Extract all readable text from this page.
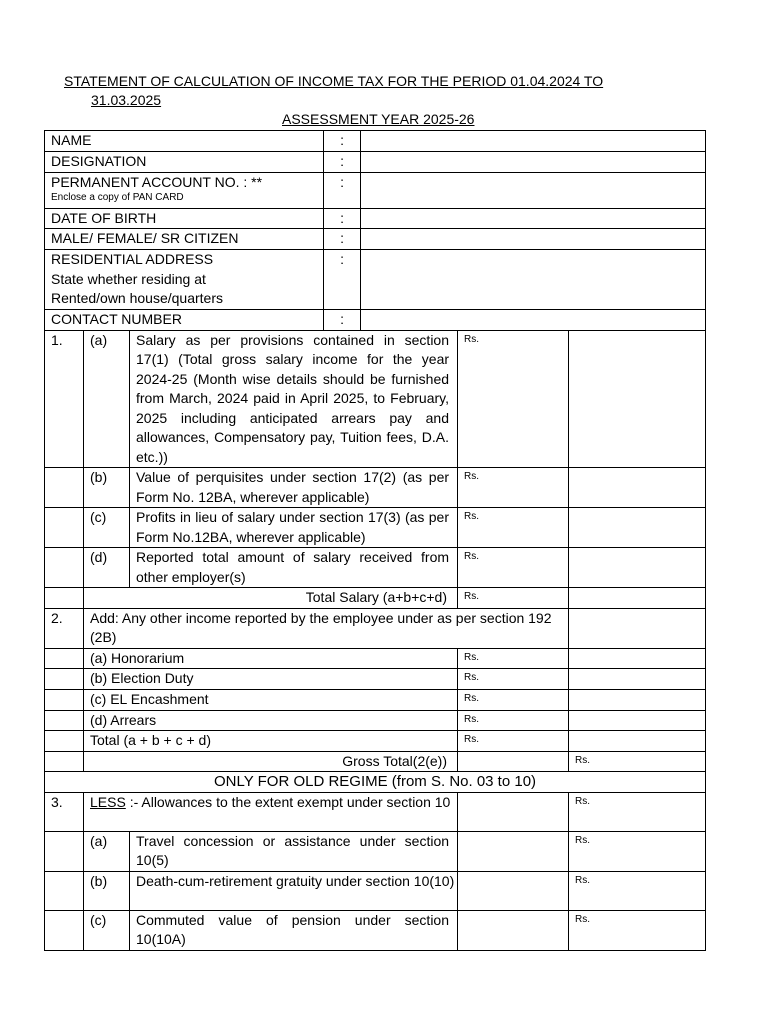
STATEMENT OF CALCULATION OF INCOME TAX FOR THE PERIOD 01.04.2024 TO
31.03.2025
ASSESSMENT YEAR 2025-26
NAME			:			
DESIGNATION			:			

PERMANENT ACCOUNT NO. : **
Enclose a copy of PAN CARD			:			
DATE OF BIRTH			:			
MALE/ FEMALE/ SR CITIZEN			:			

RESIDENTIAL ADDRESS
State whether residing at
Rented/own house/quarters			:			
CONTACT NUMBER			:			
1.	(a)	Salary as per provisions contained in section 17(1) (Total gross salary income for the year 2024-25 (Month wise details should be furnished from March, 2024 paid in April 2025, to February, 2025 including anticipated arrears pay and allowances, Compensatory pay, Tuition fees, D.A. etc.))			Rs.	
	(b)	Value of perquisites under section 17(2) (as per Form No. 12BA, wherever applicable)			Rs.	
	(c)	Profits in lieu of salary under section 17(3) (as per Form No.12BA, wherever applicable)			Rs.	
	(d)	Reported total amount of salary received from other employer(s)			Rs.	
	Total Salary (a+b+c+d)				Rs.	
2.	Add: Any other income reported by the employee under as per section 192 (2B)					
	(a) Honorarium				Rs.	
	(b) Election Duty				Rs.	
	(c) EL Encashment				Rs.	
	(d) Arrears				Rs.	
	Total (a + b + c + d)				Rs.	
	Gross Total(2(e))					Rs.
ONLY FOR OLD REGIME (from S. No. 03 to 10)						
3.	LESS :- Allowances to the extent exempt under section 10					Rs.
	(a)	Travel concession or assistance under section 10(5)				Rs.
	(b)	Death-cum-retirement gratuity under section 10(10)				Rs.
	(c)	Commuted value of pension under section 10(10A)				Rs.
